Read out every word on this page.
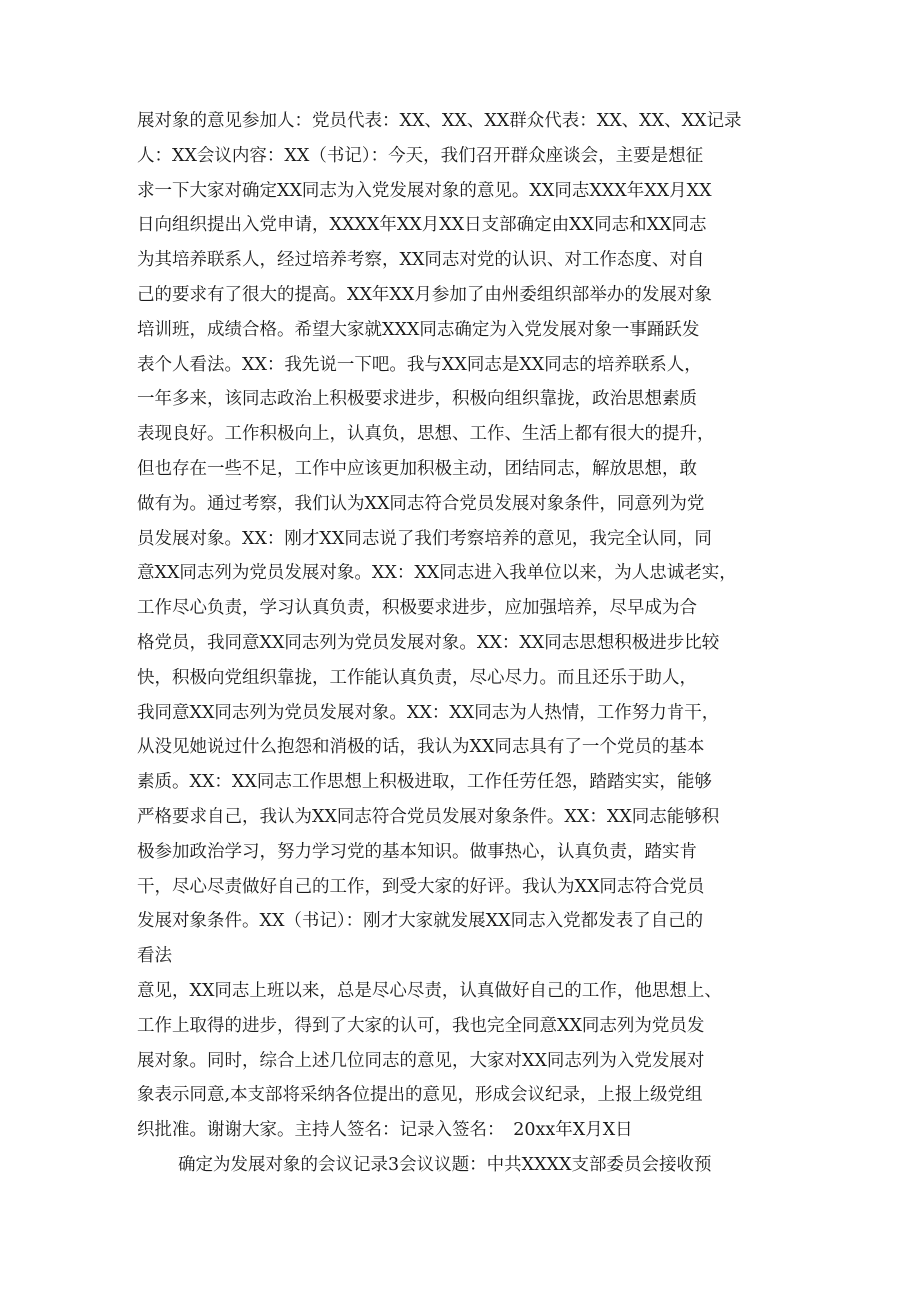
展对象的意见参加人：党员代表：XX、XX、XX群众代表：XX、XX、XX记录
人：XX会议内容：XX（书记）：今天，我们召开群众座谈会，主要是想征
求一下大家对确定XX同志为入党发展对象的意见。XX同志XXX年XX月XX
日向组织提出入党申请，XXXX年XX月XX日支部确定由XX同志和XX同志
为其培养联系人，经过培养考察，XX同志对党的认识、对工作态度、对自
己的要求有了很大的提高。XX年XX月参加了由州委组织部举办的发展对象
培训班，成绩合格。希望大家就XXX同志确定为入党发展对象一事踊跃发
表个人看法。XX：我先说一下吧。我与XX同志是XX同志的培养联系人，
一年多来，该同志政治上积极要求进步，积极向组织靠拢，政治思想素质
表现良好。工作积极向上，认真负，思想、工作、生活上都有很大的提升，
但也存在一些不足，工作中应该更加积极主动，团结同志，解放思想，敢
做有为。通过考察，我们认为XX同志符合党员发展对象条件，同意列为党
员发展对象。XX：刚才XX同志说了我们考察培养的意见，我完全认同，同
意XX同志列为党员发展对象。XX：XX同志进入我单位以来，为人忠诚老实，
工作尽心负责，学习认真负责，积极要求进步，应加强培养，尽早成为合
格党员，我同意XX同志列为党员发展对象。XX：XX同志思想积极进步比较
快，积极向党组织靠拢，工作能认真负责，尽心尽力。而且还乐于助人，
我同意XX同志列为党员发展对象。XX：XX同志为人热情，工作努力肯干，
从没见她说过什么抱怨和消极的话，我认为XX同志具有了一个党员的基本
素质。XX：XX同志工作思想上积极进取，工作任劳任怨，踏踏实实，能够
严格要求自己，我认为XX同志符合党员发展对象条件。XX：XX同志能够积
极参加政治学习，努力学习党的基本知识。做事热心，认真负责，踏实肯
干，尽心尽责做好自己的工作，到受大家的好评。我认为XX同志符合党员
发展对象条件。XX（书记）：刚才大家就发展XX同志入党都发表了自己的
看法
意见，XX同志上班以来，总是尽心尽责，认真做好自己的工作，他思想上、
工作上取得的进步，得到了大家的认可，我也完全同意XX同志列为党员发
展对象。同时，综合上述几位同志的意见，大家对XX同志列为入党发展对
象表示同意,本支部将采纳各位提出的意见，形成会议纪录，上报上级党组
织批准。谢谢大家。主持人签名：记录入签名：　20xx年X月X日
确定为发展对象的会议记录3会议议题：中共XXXX支部委员会接收预
